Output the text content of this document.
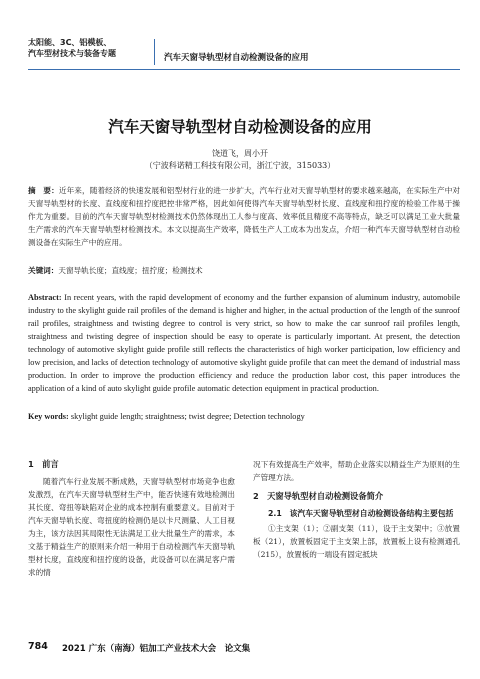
太阳能、3C、铝模板、
汽车型材技术与装备专题	汽车天窗导轨型材自动检测设备的应用
汽车天窗导轨型材自动检测设备的应用
饶道飞，周小开
（宁波科诺精工科技有限公司，浙江宁波，315033）
摘　要：近年来，随着经济的快速发展和铝型材行业的进一步扩大，汽车行业对天窗导轨型材的要求越来越高，在实际生产中对天窗导轨型材的长度、直线度和扭拧度把控非常严格，因此如何使得汽车天窗导轨型材长度、直线度和扭拧度的检验工作易于操作尤为重要。目前的汽车天窗导轨型材检测技术仍然体现出工人参与度高、效率低且精度不高等特点，缺乏可以满足工业大批量生产需求的汽车天窗导轨型材检测技术。本文以提高生产效率，降低生产人工成本为出发点，介绍一种汽车天窗导轨型材自动检测设备在实际生产中的应用。
关键词：天窗导轨长度；直线度；扭拧度；检测技术
Abstract: In recent years, with the rapid development of economy and the further expansion of aluminum industry, automobile industry to the skylight guide rail profiles of the demand is higher and higher, in the actual production of the length of the sunroof rail profiles, straightness and twisting degree to control is very strict, so how to make the car sunroof rail profiles length, straightness and twisting degree of inspection should be easy to operate is particularly important. At present, the detection technology of automotive skylight guide profile still reflects the characteristics of high worker participation, low efficiency and low precision, and lacks of detection technology of automotive skylight guide profile that can meet the demand of industrial mass production. In order to improve the production efficiency and reduce the production labor cost, this paper introduces the application of a kind of auto skylight guide profile automatic detection equipment in practical production.
Key words: skylight guide length; straightness; twist degree; Detection technology
1　前言

随着汽车行业发展不断成熟，天窗导轨型材市场竞争也愈发激烈，在汽车天窗导轨型材生产中，能否快速有效地检测出其长度、弯扭等缺陷对企业的成本控制有重要意义。目前对于汽车天窗导轨长度、弯扭度的检测仍是以卡尺测量、人工目视为主，该方法因其局限性无法满足工业大批量生产的需求，本文基于精益生产的原则来介绍一种用于自动检测汽车天窗导轨型材长度，直线度和扭拧度的设备，此设备可以在满足客户需求的情

况下有效提高生产效率，帮助企业落实以精益生产为原则的生产管理方法。

2　天窗导轨型材自动检测设备简介
2.1　该汽车天窗导轨型材自动检测设备结构主要包括

①主支架（1）；②副支架（11），设于主支架中；③放置板（21），放置板固定于主支架上部，放置板上设有检测通孔（215），放置板的一端设有固定抵块

784 2021 广东（南海）铝加工产业技术大会　论文集
